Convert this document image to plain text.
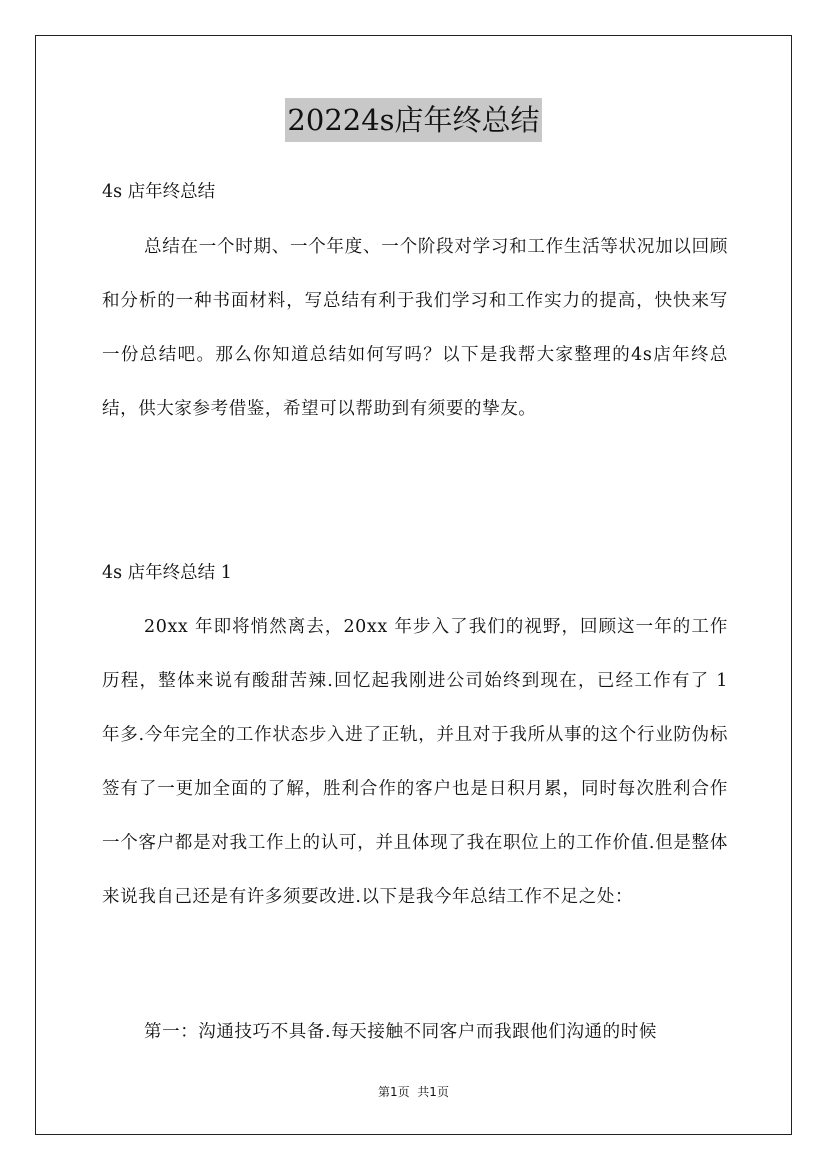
20224s店年终总结

4s 店年终总结

总结在一个时期、一个年度、一个阶段对学习和工作生活等状况加以回顾和分析的一种书面材料，写总结有利于我们学习和工作实力的提高，快快来写一份总结吧。那么你知道总结如何写吗？以下是我帮大家整理的4s店年终总结，供大家参考借鉴，希望可以帮助到有须要的挚友。

4s 店年终总结 1

20xx 年即将悄然离去，20xx 年步入了我们的视野，回顾这一年的工作历程，整体来说有酸甜苦辣.回忆起我刚进公司始终到现在，已经工作有了 1 年多.今年完全的工作状态步入进了正轨，并且对于我所从事的这个行业防伪标签有了一更加全面的了解，胜利合作的客户也是日积月累，同时每次胜利合作一个客户都是对我工作上的认可，并且体现了我在职位上的工作价值.但是整体来说我自己还是有许多须要改进.以下是我今年总结工作不足之处：

第一：沟通技巧不具备.每天接触不同客户而我跟他们沟通的时候

第1页  共1页
